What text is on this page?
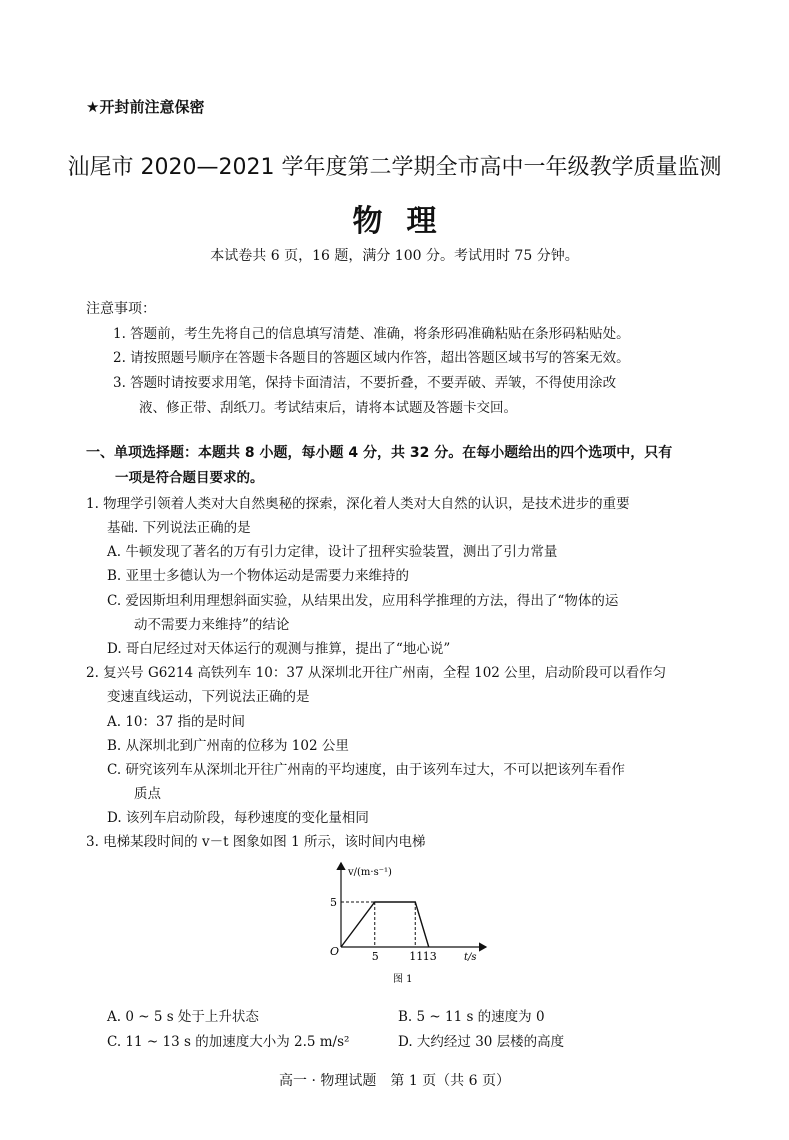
★开封前注意保密
汕尾市 2020—2021 学年度第二学期全市高中一年级教学质量监测
物理
本试卷共 6 页，16 题，满分 100 分。考试用时 75 分钟。
注意事项：
1. 答题前，考生先将自己的信息填写清楚、准确，将条形码准确粘贴在条形码粘贴处。
2. 请按照题号顺序在答题卡各题目的答题区域内作答，超出答题区域书写的答案无效。
3. 答题时请按要求用笔，保持卡面清洁，不要折叠，不要弄破、弄皱，不得使用涂改
液、修正带、刮纸刀。考试结束后，请将本试题及答题卡交回。
一、单项选择题：本题共 8 小题，每小题 4 分，共 32 分。在每小题给出的四个选项中，只有
一项是符合题目要求的。
1. 物理学引领着人类对大自然奥秘的探索，深化着人类对大自然的认识，是技术进步的重要
基础. 下列说法正确的是
A. 牛顿发现了著名的万有引力定律，设计了扭秤实验装置，测出了引力常量
B. 亚里士多德认为一个物体运动是需要力来维持的
C. 爱因斯坦利用理想斜面实验，从结果出发，应用科学推理的方法，得出了“物体的运
动不需要力来维持”的结论
D. 哥白尼经过对天体运行的观测与推算，提出了“地心说”
2. 复兴号 G6214 高铁列车 10：37 从深圳北开往广州南，全程 102 公里，启动阶段可以看作匀
变速直线运动，下列说法正确的是
A. 10：37 指的是时间
B. 从深圳北到广州南的位移为 102 公里
C. 研究该列车从深圳北开往广州南的平均速度，由于该列车过大，不可以把该列车看作
质点
D. 该列车启动阶段，每秒速度的变化量相同
3. 电梯某段时间的 v－t 图象如图 1 所示，该时间内电梯
5	11 13
5
v/(m·s⁻¹)
t/s
O
图 1
A. 0 ~ 5 s 处于上升状态	B. 5 ~ 11 s 的速度为 0
C. 11 ~ 13 s 的加速度大小为 2.5 m/s²	D. 大约经过 30 层楼的高度
高一 · 物理试题　第 1 页（共 6 页）
